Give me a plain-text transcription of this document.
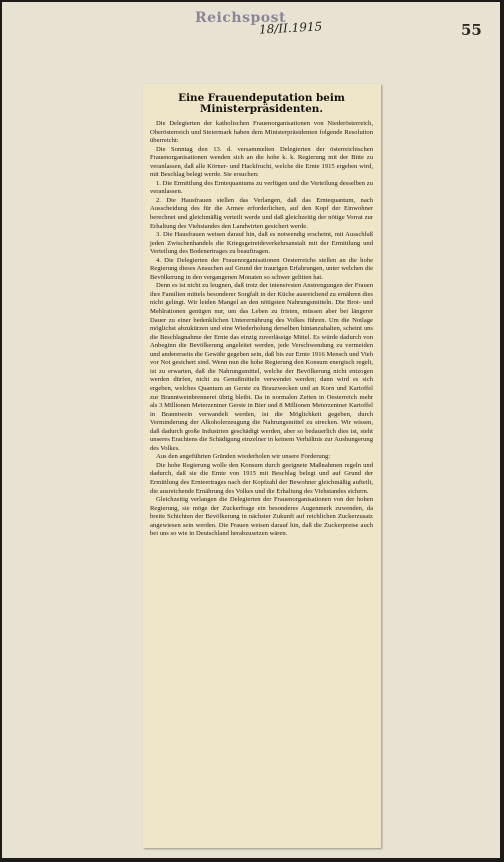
Reichspost
18/II.1915	55
Eine Frauendeputation beim
Ministerpräsidenten.

Die Delegierten der katholischen Frauenorganisationen von Niederösterreich, Oberösterreich und Steiermark haben dem Ministerpräsidenten folgende Resolution überreicht:

Die Sonntag den 13. d. versammelten Delegierten der österreichischen Frauenorganisationen wenden sich an die hohe k. k. Regierung mit der Bitte zu veranlassen, daß alle Körner- und Hackfrucht, welche die Ernte 1915 ergeben wird, mit Beschlag belegt werde. Sie ersuchen:

1. Die Ermittlung des Erntequantums zu verfügen und die Verteilung desselben zu veranlassen.

2. Die Hausfrauen stellen das Verlangen, daß das Erntequantum, nach Ausscheidung des für die Armee erforderlichen, auf den Kopf der Einwohner berechnet und gleichmäßig verteilt werde und daß gleichzeitig der nötige Vorrat zur Erhaltung des Viehstandes den Landwirten gesichert werde.

3. Die Hausfrauen weisen darauf hin, daß es notwendig erscheint, mit Ausschluß jeden Zwischenhandels die Kriegsgetreideverkehrsanstalt mit der Ermittlung und Verteilung des Bodenertrages zu beauftragen.

4. Die Delegierten der Frauenorganisationen Oesterreichs stellen an die hohe Regierung dieses Ansuchen auf Grund der traurigen Erfahrungen, unter welchen die Bevölkerung in den vergangenen Monaten so schwer gelitten hat.

Denn es ist nicht zu leugnen, daß trotz der intensivsten Anstrengungen der Frauen ihre Familien mittels besonderer Sorgfalt in der Küche ausreichend zu ernähren dies nicht gelingt. Wir leiden Mangel an den nötigsten Nahrungsmitteln. Die Brot- und Mehlrationen genügen nur, um das Leben zu fristen, müssen aber bei längerer Dauer zu einer bedenklichen Unterernährung des Volkes führen. Um die Notlage möglichst abzukürzen und eine Wiederholung derselben hintanzuhalten, scheint uns die Beschlagnahme der Ernte das einzig zuverlässige Mittel. Es würde dadurch von Anbeginn die Bevölkerung angeleitet werden, jede Verschwendung zu vermeiden und andererseits die Gewähr gegeben sein, daß bis zur Ernte 1916 Mensch und Vieh vor Not gesichert sind. Wenn nun die hohe Regierung den Konsum energisch regelt, ist zu erwarten, daß die Nahrungsmittel, welche der Bevölkerung nicht entzogen werden dürfen, nicht zu Genußmitteln verwendet werden; dann wird es sich ergeben, welches Quantum an Gerste zu Brauzwecken und an Korn und Kartoffel zur Branntweinbrennerei übrig bleibt. Da in normalen Zeiten in Oesterreich mehr als 3 Millionen Meterzentner Gerste in Bier und 8 Millionen Meterzentner Kartoffel in Branntwein verwandelt werden, ist die Möglichkeit gegeben, durch Verminderung der Alkoholerzeugung die Nahrungsmittel zu strecken. Wir wissen, daß dadurch große Industrien geschädigt werden, aber so bedauerlich dies ist, steht unseres Erachtens die Schädigung einzelner in keinem Verhältnis zur Aushungerung des Volkes.

Aus den angeführten Gründen wiederholen wir unsere Forderung:

Die hohe Regierung wolle den Konsum durch geeignete Maßnahmen regeln und dadurch, daß sie die Ernte von 1915 mit Beschlag belegt und auf Grund der Ermittlung des Ernteertrages nach der Kopfzahl der Bewohner gleichmäßig aufteilt, die ausreichende Ernährung des Volkes und die Erhaltung des Viehstandes sichern.

Gleichzeitig verlangen die Delegierten der Frauenorganisationen von der hohen Regierung, sie möge der Zuckerfrage ein besonderes Augenmerk zuwenden, da breite Schichten der Bevölkerung in nächster Zukunft auf reichlichen Zuckerzusatz angewiesen sein werden. Die Frauen weisen darauf hin, daß die Zuckerpreise auch bei uns so wie in Deutschland herabzusetzen wären.
